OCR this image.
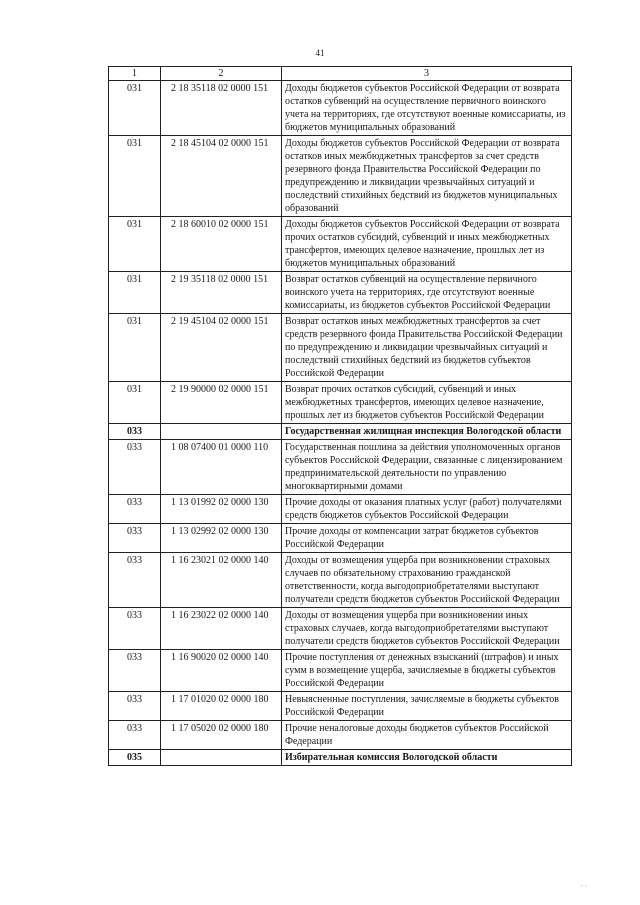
41
1	2	3
031	2 18 35118 02 0000 151	Доходы бюджетов субъектов Российской Федерации от возврата остатков субвенций на осуществление первичного воинского учета на территориях, где отсутствуют военные комиссариаты, из бюджетов муниципальных образований
031	2 18 45104 02 0000 151	Доходы бюджетов субъектов Российской Федерации от возврата остатков иных межбюджетных трансфертов за счет средств резервного фонда Правительства Российской Федерации по предупреждению и ликвидации чрезвычайных ситуаций и последствий стихийных бедствий из бюджетов муниципальных образований
031	2 18 60010 02 0000 151	Доходы бюджетов субъектов Российской Федерации от возврата прочих остатков субсидий, субвенций и иных межбюджетных трансфертов, имеющих целевое назначение, прошлых лет из бюджетов муниципальных образований
031	2 19 35118 02 0000 151	Возврат остатков субвенций на осуществление первичного воинского учета на территориях, где отсутствуют военные комиссариаты, из бюджетов субъектов Российской Федерации
031	2 19 45104 02 0000 151	Возврат остатков иных межбюджетных трансфертов за счет средств резервного фонда Правительства Российской Федерации по предупреждению и ликвидации чрезвычайных ситуаций и последствий стихийных бедствий из бюджетов субъектов Российской Федерации
031	2 19 90000 02 0000 151	Возврат прочих остатков субсидий, субвенций и иных межбюджетных трансфертов, имеющих целевое назначение, прошлых лет из бюджетов субъектов Российской Федерации
033		Государственная жилищная инспекция Вологодской области
033	1 08 07400 01 0000 110	Государственная пошлина за действия уполномоченных органов субъектов Российской Федерации, связанные с лицензированием предпринимательской деятельности по управлению многоквартирными домами
033	1 13 01992 02 0000 130	Прочие доходы от оказания платных услуг (работ) получателями средств бюджетов субъектов Российской Федерации
033	1 13 02992 02 0000 130	Прочие доходы от компенсации затрат бюджетов субъектов Российской Федерации
033	1 16 23021 02 0000 140	Доходы от возмещения ущерба при возникновении страховых случаев по обязательному страхованию гражданской ответственности, когда выгодоприобретателями выступают получатели средств бюджетов субъектов Российской Федерации
033	1 16 23022 02 0000 140	Доходы от возмещения ущерба при возникновении иных страховых случаев, когда выгодоприобретателями выступают получатели средств бюджетов субъектов Российской Федерации
033	1 16 90020 02 0000 140	Прочие поступления от денежных взысканий (штрафов) и иных сумм в возмещение ущерба, зачисляемые в бюджеты субъектов Российской Федерации
033	1 17 01020 02 0000 180	Невыясненные поступления, зачисляемые в бюджеты субъектов Российской Федерации
033	1 17 05020 02 0000 180	Прочие неналоговые доходы бюджетов субъектов Российской Федерации
035		Избирательная комиссия Вологодской области
· ·
